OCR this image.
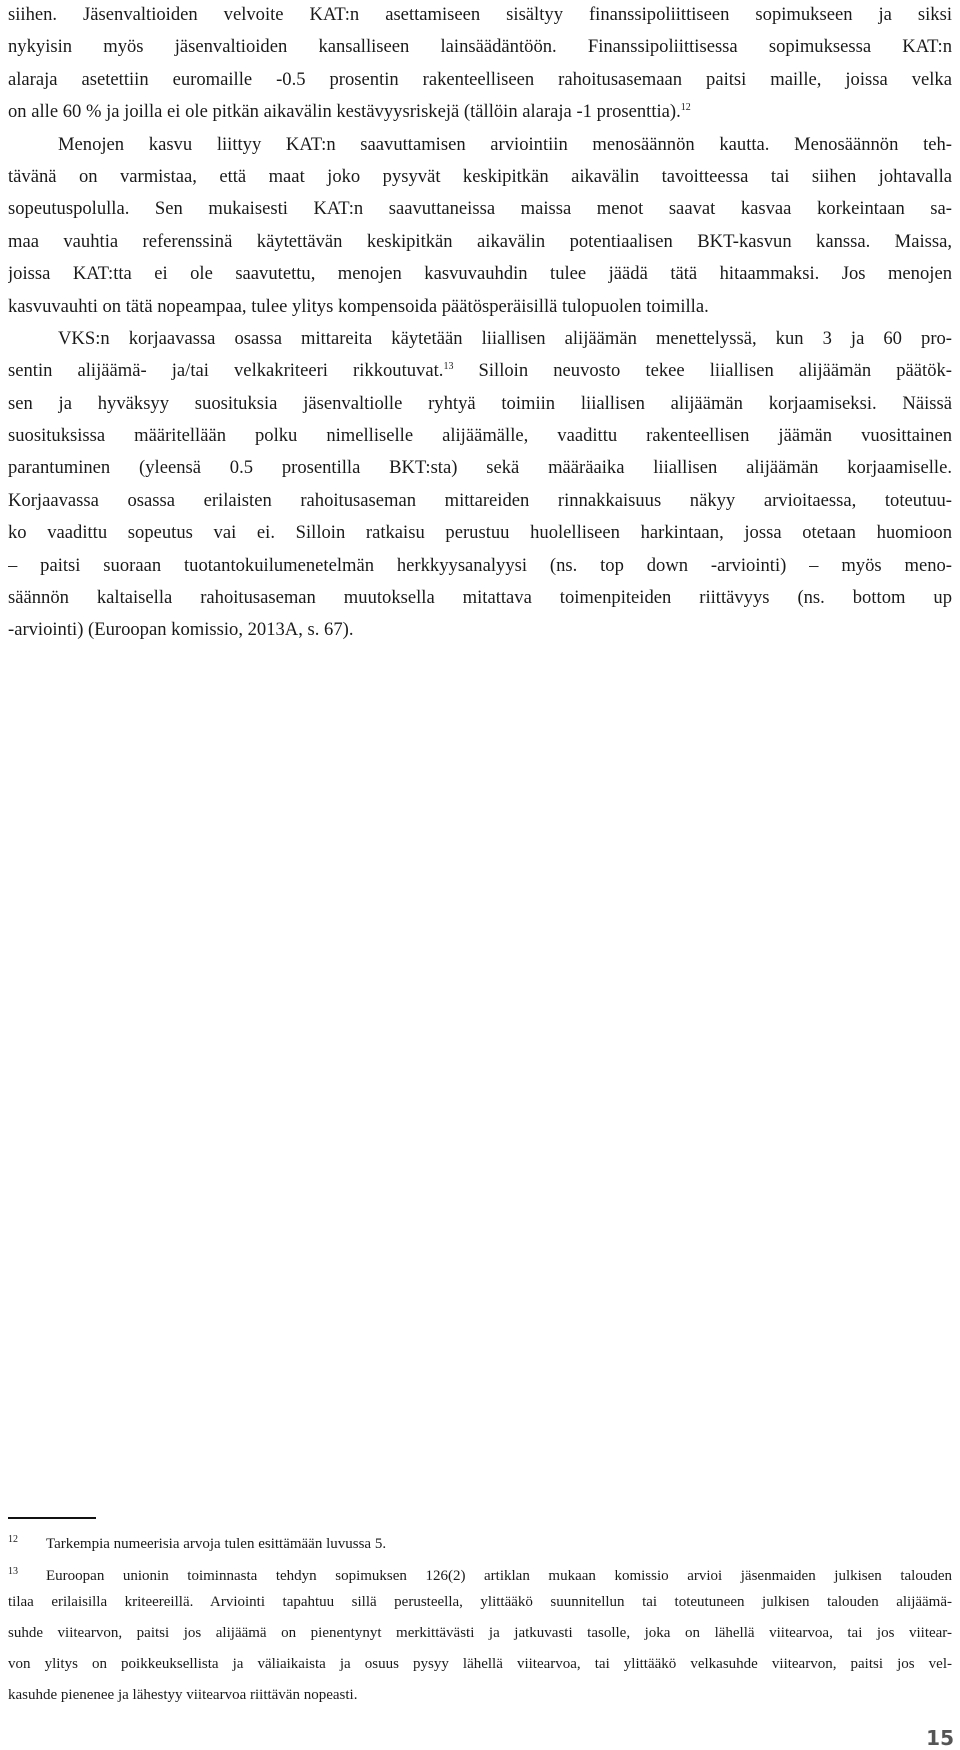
siihen. Jäsenvaltioiden velvoite KAT:n asettamiseen sisältyy finanssipoliittiseen sopimukseen ja siksi
nykyisin myös jäsenvaltioiden kansalliseen lainsäädäntöön. Finanssipoliittisessa sopimuksessa KAT:n
alaraja asetettiin euromaille -0.5 prosentin rakenteelliseen rahoitusasemaan paitsi maille, joissa velka
on alle 60 % ja joilla ei ole pitkän aikavälin kestävyysriskejä (tällöin alaraja -1 prosenttia).$^{12}$
Menojen kasvu liittyy KAT:n saavuttamisen arviointiin menosäännön kautta. Menosäännön teh-
tävänä on varmistaa, että maat joko pysyvät keskipitkän aikavälin tavoitteessa tai siihen johtavalla
sopeutuspolulla. Sen mukaisesti KAT:n saavuttaneissa maissa menot saavat kasvaa korkeintaan sa-
maa vauhtia referenssinä käytettävän keskipitkän aikavälin potentiaalisen BKT-kasvun kanssa. Maissa,
joissa KAT:tta ei ole saavutettu, menojen kasvuvauhdin tulee jäädä tätä hitaammaksi. Jos menojen
kasvuvauhti on tätä nopeampaa, tulee ylitys kompensoida päätösperäisillä tulopuolen toimilla.
VKS:n korjaavassa osassa mittareita käytetään liiallisen alijäämän menettelyssä, kun 3 ja 60 pro-
sentin alijäämä- ja/tai velkakriteeri rikkoutuvat.$^{13}$ Silloin neuvosto tekee liiallisen alijäämän päätök-
sen ja hyväksyy suosituksia jäsenvaltiolle ryhtyä toimiin liiallisen alijäämän korjaamiseksi. Näissä
suosituksissa määritellään polku nimelliselle alijäämälle, vaadittu rakenteellisen jäämän vuosittainen
parantuminen (yleensä 0.5 prosentilla BKT:sta) sekä määräaika liiallisen alijäämän korjaamiselle.
Korjaavassa osassa erilaisten rahoitusaseman mittareiden rinnakkaisuus näkyy arvioitaessa, toteutuu-
ko vaadittu sopeutus vai ei. Silloin ratkaisu perustuu huolelliseen harkintaan, jossa otetaan huomioon
– paitsi suoraan tuotantokuilumenetelmän herkkyysanalyysi (ns. top down -arviointi) – myös meno-
säännön kaltaisella rahoitusaseman muutoksella mitattava toimenpiteiden riittävyys (ns. bottom up
-arviointi) (Euroopan komissio, 2013A, s. 67).
12 Tarkempia numeerisia arvoja tulen esittämään luvussa 5.
13 Euroopan unionin toiminnasta tehdyn sopimuksen 126(2) artiklan mukaan komissio arvioi jäsenmaiden julkisen talouden
tilaa erilaisilla kriteereillä. Arviointi tapahtuu sillä perusteella, ylittääkö suunnitellun tai toteutuneen julkisen talouden alijäämä-
suhde viitearvon, paitsi jos alijäämä on pienentynyt merkittävästi ja jatkuvasti tasolle, joka on lähellä viitearvoa, tai jos viitear-
von ylitys on poikkeuksellista ja väliaikaista ja osuus pysyy lähellä viitearvoa, tai ylittääkö velkasuhde viitearvon, paitsi jos vel-
kasuhde pienenee ja lähestyy viitearvoa riittävän nopeasti.
15
